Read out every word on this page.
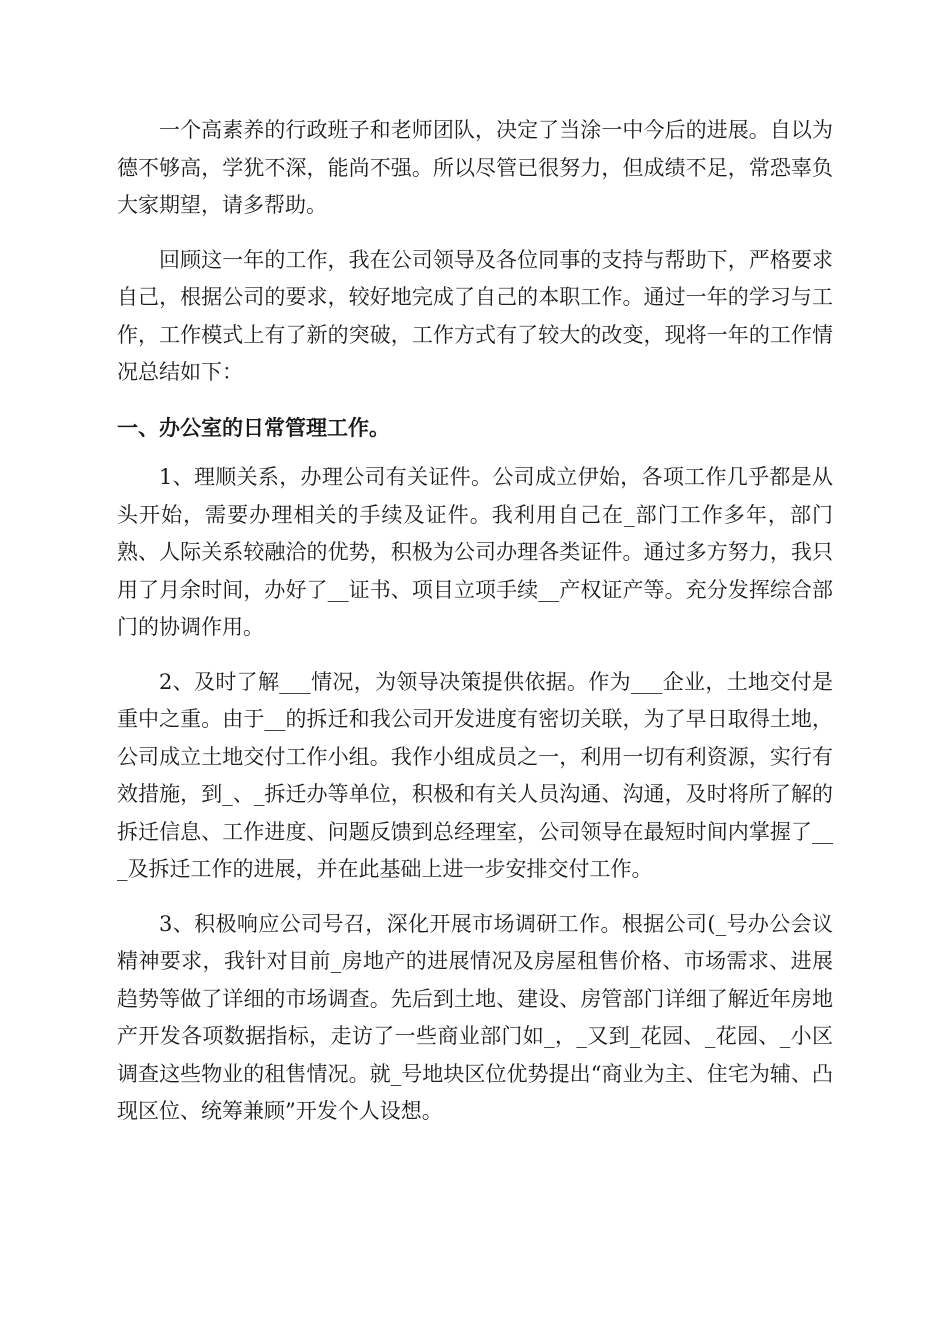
一个高素养的行政班子和老师团队，决定了当涂一中今后的进展。自以为德不够高，学犹不深，能尚不强。所以尽管已很努力，但成绩不足，常恐辜负大家期望，请多帮助。

回顾这一年的工作，我在公司领导及各位同事的支持与帮助下，严格要求自己，根据公司的要求，较好地完成了自己的本职工作。通过一年的学习与工作，工作模式上有了新的突破，工作方式有了较大的改变，现将一年的工作情况总结如下：

一、办公室的日常管理工作。

1、理顺关系，办理公司有关证件。公司成立伊始，各项工作几乎都是从头开始，需要办理相关的手续及证件。我利用自己在_部门工作多年，部门熟、人际关系较融洽的优势，积极为公司办理各类证件。通过多方努力，我只用了月余时间，办好了__证书、项目立项手续__产权证产等。充分发挥综合部门的协调作用。

2、及时了解___情况，为领导决策提供依据。作为___企业，土地交付是重中之重。由于__的拆迁和我公司开发进度有密切关联，为了早日取得土地，公司成立土地交付工作小组。我作小组成员之一，利用一切有利资源，实行有效措施，到_、_拆迁办等单位，积极和有关人员沟通、沟通，及时将所了解的拆迁信息、工作进度、问题反馈到总经理室，公司领导在最短时间内掌握了___及拆迁工作的进展，并在此基础上进一步安排交付工作。

3、积极响应公司号召，深化开展市场调研工作。根据公司(_号办公会议精神要求，我针对目前_房地产的进展情况及房屋租售价格、市场需求、进展趋势等做了详细的市场调查。先后到土地、建设、房管部门详细了解近年房地产开发各项数据指标，走访了一些商业部门如_，_又到_花园、_花园、_小区调查这些物业的租售情况。就_号地块区位优势提出“商业为主、住宅为辅、凸现区位、统筹兼顾”开发个人设想。
